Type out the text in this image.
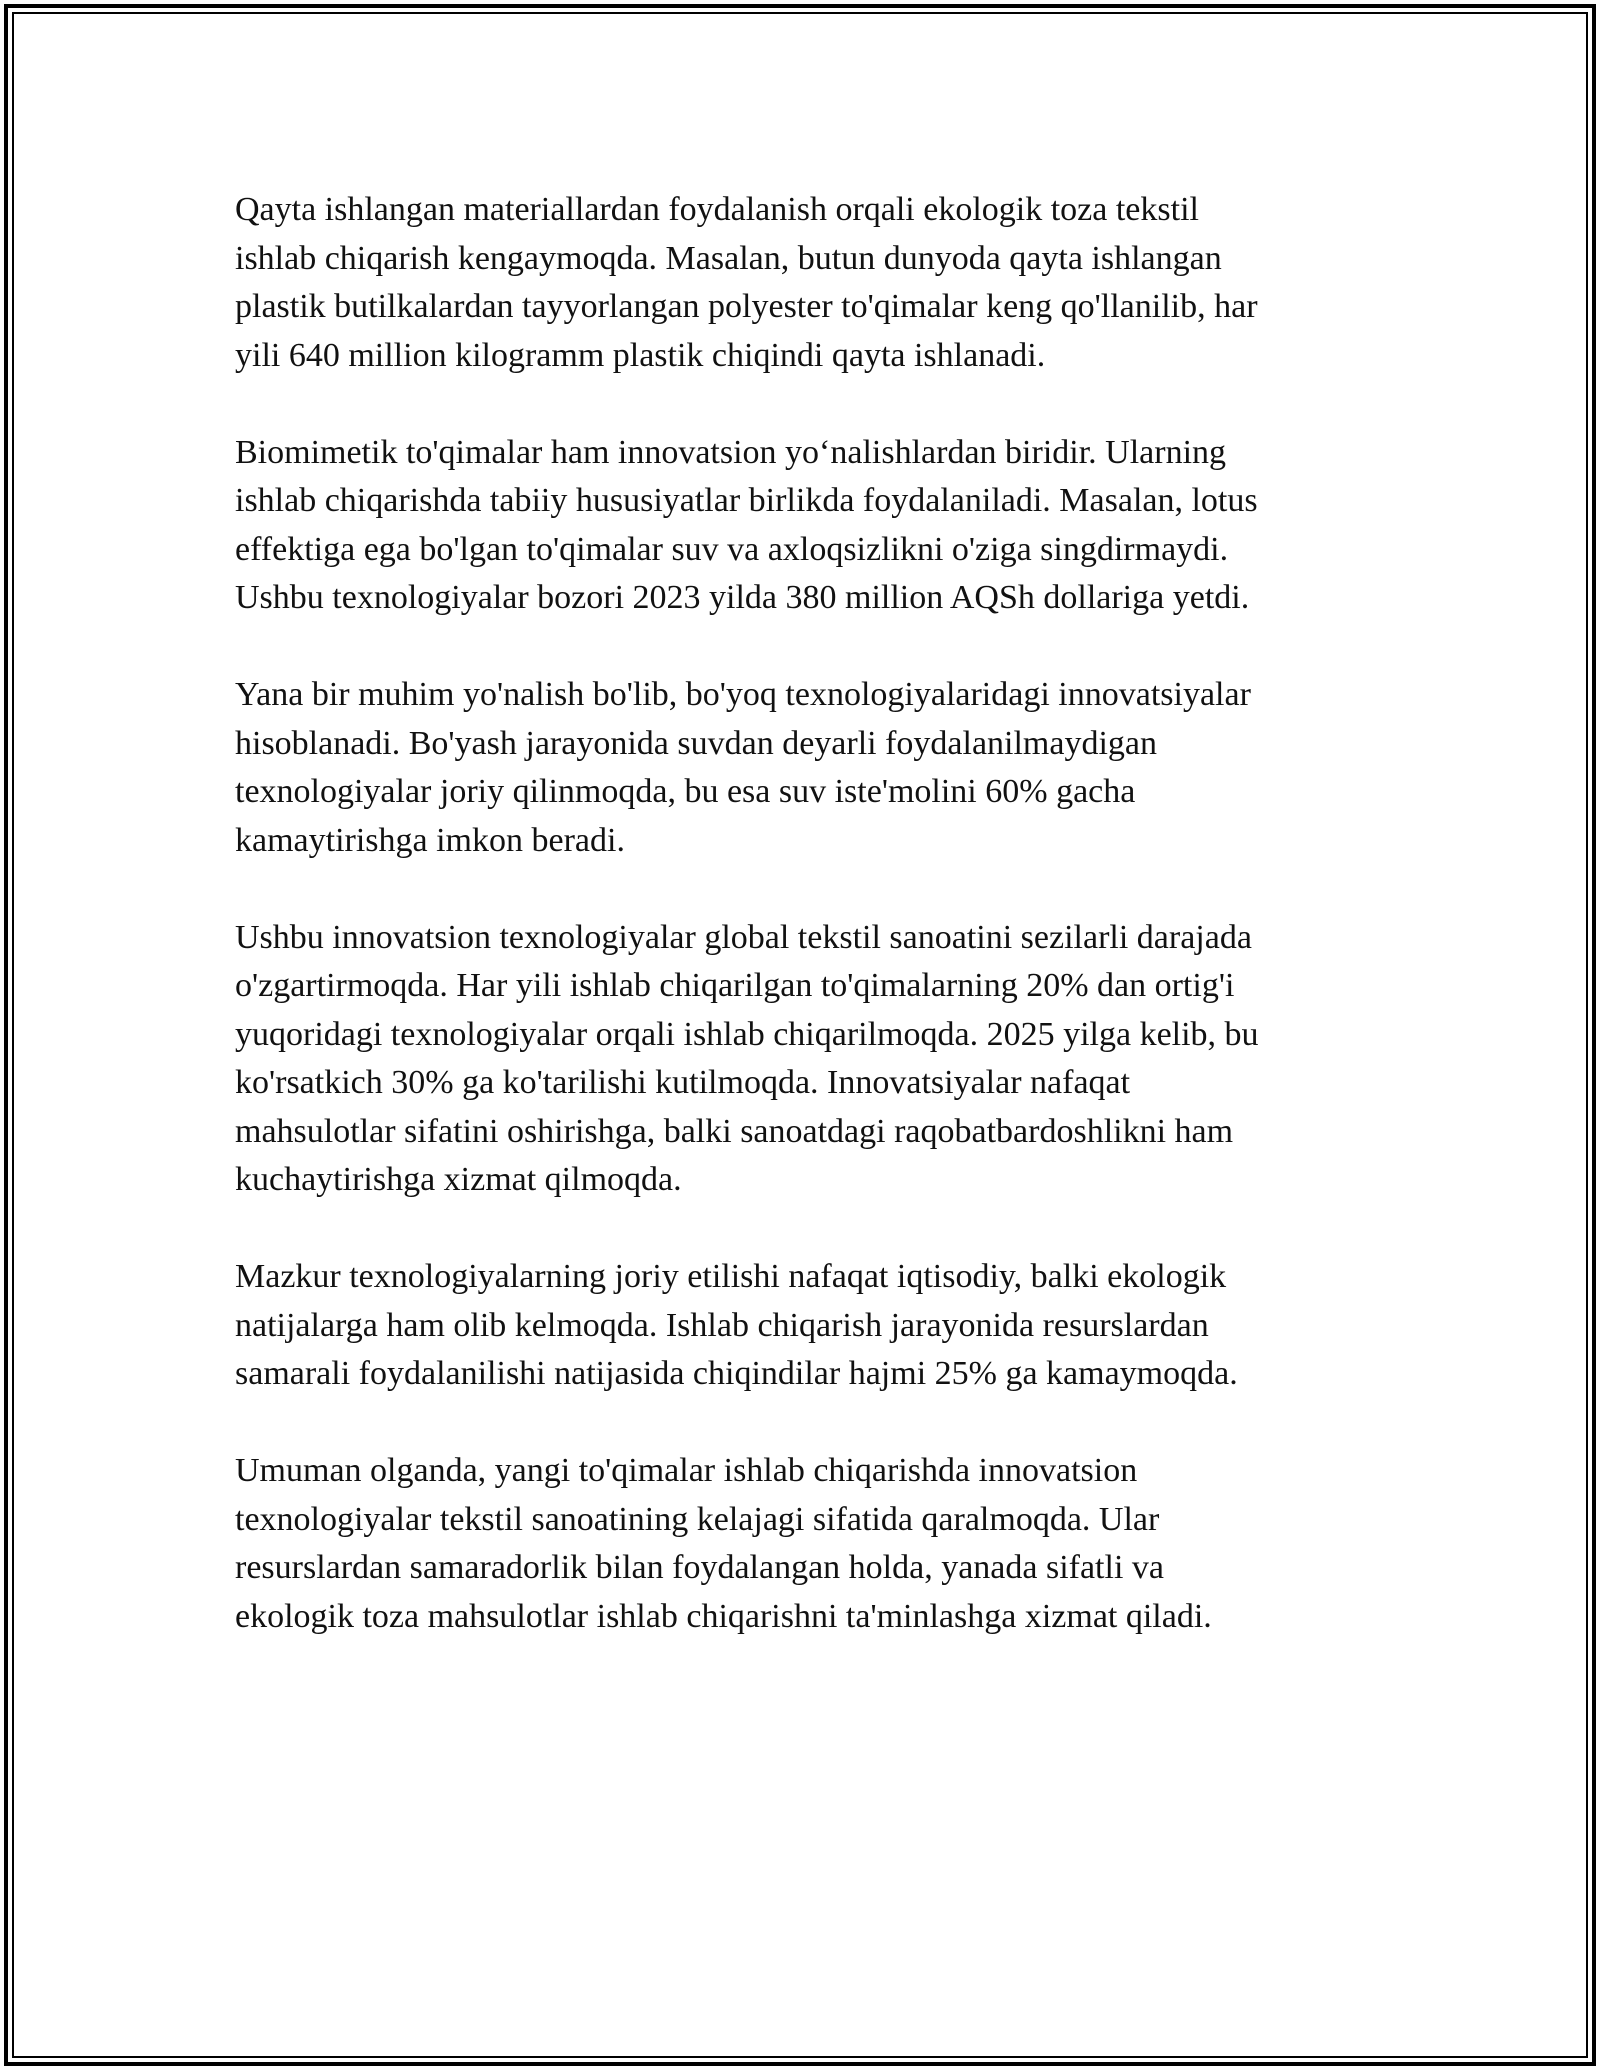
Qayta ishlangan materiallardan foydalanish orqali ekologik toza tekstil
ishlab chiqarish kengaymoqda. Masalan, butun dunyoda qayta ishlangan
plastik butilkalardan tayyorlangan polyester to'qimalar keng qo'llanilib, har
yili 640 million kilogramm plastik chiqindi qayta ishlanadi.

Biomimetik to'qimalar ham innovatsion yo‘nalishlardan biridir. Ularning
ishlab chiqarishda tabiiy hususiyatlar birlikda foydalaniladi. Masalan, lotus
effektiga ega bo'lgan to'qimalar suv va axloqsizlikni o'ziga singdirmaydi.
Ushbu texnologiyalar bozori 2023 yilda 380 million AQSh dollariga yetdi.

Yana bir muhim yo'nalish bo'lib, bo'yoq texnologiyalaridagi innovatsiyalar
hisoblanadi. Bo'yash jarayonida suvdan deyarli foydalanilmaydigan
texnologiyalar joriy qilinmoqda, bu esa suv iste'molini 60% gacha
kamaytirishga imkon beradi.

Ushbu innovatsion texnologiyalar global tekstil sanoatini sezilarli darajada
o'zgartirmoqda. Har yili ishlab chiqarilgan to'qimalarning 20% dan ortig'i
yuqoridagi texnologiyalar orqali ishlab chiqarilmoqda. 2025 yilga kelib, bu
ko'rsatkich 30% ga ko'tarilishi kutilmoqda. Innovatsiyalar nafaqat
mahsulotlar sifatini oshirishga, balki sanoatdagi raqobatbardoshlikni ham
kuchaytirishga xizmat qilmoqda.

Mazkur texnologiyalarning joriy etilishi nafaqat iqtisodiy, balki ekologik
natijalarga ham olib kelmoqda. Ishlab chiqarish jarayonida resurslardan
samarali foydalanilishi natijasida chiqindilar hajmi 25% ga kamaymoqda.

Umuman olganda, yangi to'qimalar ishlab chiqarishda innovatsion
texnologiyalar tekstil sanoatining kelajagi sifatida qaralmoqda. Ular
resurslardan samaradorlik bilan foydalangan holda, yanada sifatli va
ekologik toza mahsulotlar ishlab chiqarishni ta'minlashga xizmat qiladi.
